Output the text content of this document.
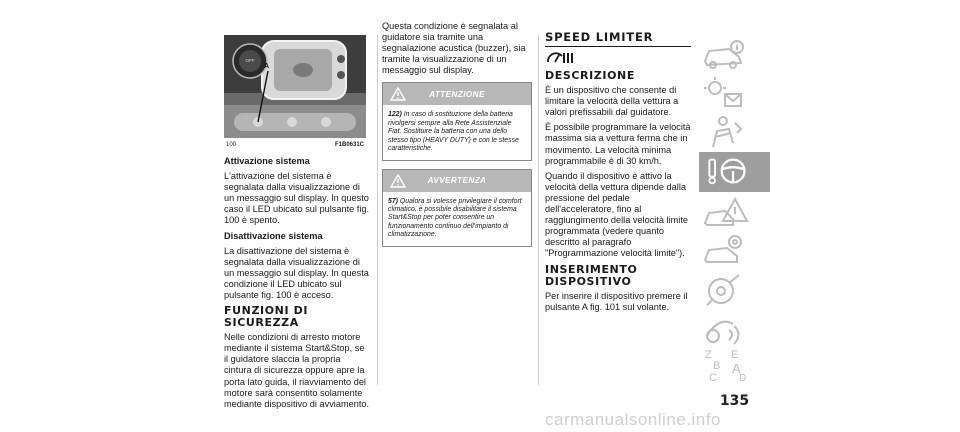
OFF
A
100	F1B0631C

Attivazione sistema

L'attivazione del sistema è segnalata dalla visualizzazione di un messaggio sul display. In questo caso il LED ubicato sul pulsante fig. 100 è spento.

Disattivazione sistema

La disattivazione del sistema è segnalata dalla visualizzazione di un messaggio sul display. In questa condizione il LED ubicato sul pulsante fig. 100 è acceso.

FUNZIONI DI SICUREZZA

Nelle condizioni di arresto motore mediante il sistema Start&Stop, se il guidatore slaccia la propria cintura di sicurezza oppure apre la porta lato guida, il riavviamento del motore sarà consentito solamente mediante dispositivo di avviamento.

Questa condizione è segnalata al guidatore sia tramite una segnalazione acustica (buzzer), sia tramite la visualizzazione di un messaggio sul display.

ATTENZIONE
122) In caso di sostituzione della batteria rivolgersi sempre alla Rete Assistenziale Fiat. Sostituire la batteria con una dello stesso tipo (HEAVY DUTY) e con le stesse caratteristiche.
AVVERTENZA
57) Qualora si volesse privilegiare il comfort climatico, è possibile disabilitare il sistema Start&Stop per poter consentire un funzionamento continuo dell'impianto di climatizzazione.
SPEED LIMITER
DESCRIZIONE

È un dispositivo che consente di limitare la velocità della vettura a valori prefissabili dal guidatore.

È possibile programmare la velocità massima sia a vettura ferma che in movimento. La velocità minima programmabile è di 30 km/h.

Quando il dispositivo è attivo la velocità della vettura dipende dalla pressione del pedale dell'acceleratore, fino al raggiungimento della velocità limite programmata (vedere quanto descritto al paragrafo "Programmazione velocità limite").

INSERIMENTO DISPOSITIVO

Per inserire il dispositivo premere il pulsante A fig. 101 sul volante.

Z E
B A
C D
135
carmanualsonline.info
